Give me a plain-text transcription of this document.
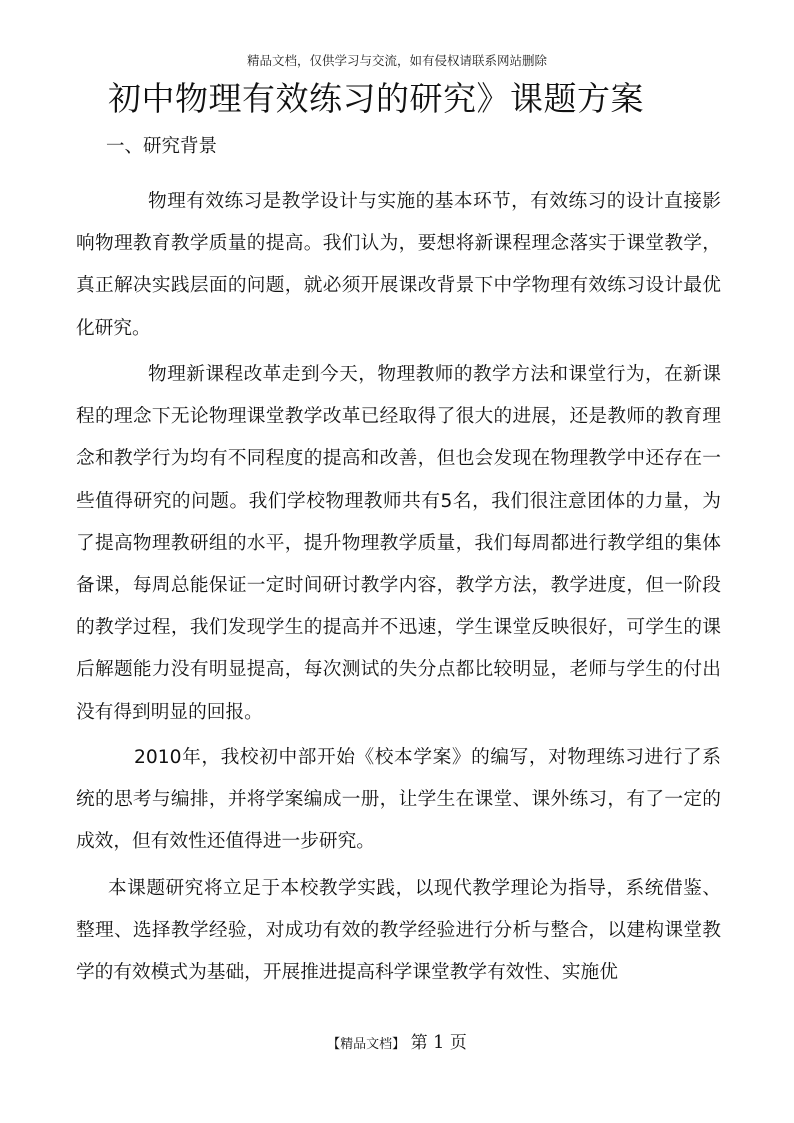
精品文档，仅供学习与交流，如有侵权请联系网站删除
初中物理有效练习的研究》课题方案
一、研究背景

物理有效练习是教学设计与实施的基本环节，有效练习的设计直接影响物理教育教学质量的提高。我们认为，要想将新课程理念落实于课堂教学，真正解决实践层面的问题，就必须开展课改背景下中学物理有效练习设计最优化研究。

物理新课程改革走到今天，物理教师的教学方法和课堂行为，在新课程的理念下无论物理课堂教学改革已经取得了很大的进展，还是教师的教育理念和教学行为均有不同程度的提高和改善，但也会发现在物理教学中还存在一些值得研究的问题。我们学校物理教师共有5名，我们很注意团体的力量，为了提高物理教研组的水平，提升物理教学质量，我们每周都进行教学组的集体备课，每周总能保证一定时间研讨教学内容，教学方法，教学进度，但一阶段的教学过程，我们发现学生的提高并不迅速，学生课堂反映很好，可学生的课后解题能力没有明显提高，每次测试的失分点都比较明显，老师与学生的付出没有得到明显的回报。

2010年，我校初中部开始《校本学案》的编写，对物理练习进行了系统的思考与编排，并将学案编成一册，让学生在课堂、课外练习，有了一定的成效，但有效性还值得进一步研究。

本课题研究将立足于本校教学实践，以现代教学理论为指导，系统借鉴、整理、选择教学经验，对成功有效的教学经验进行分析与整合，以建构课堂教学的有效模式为基础，开展推进提高科学课堂教学有效性、实施优

【精品文档】 第 1 页
